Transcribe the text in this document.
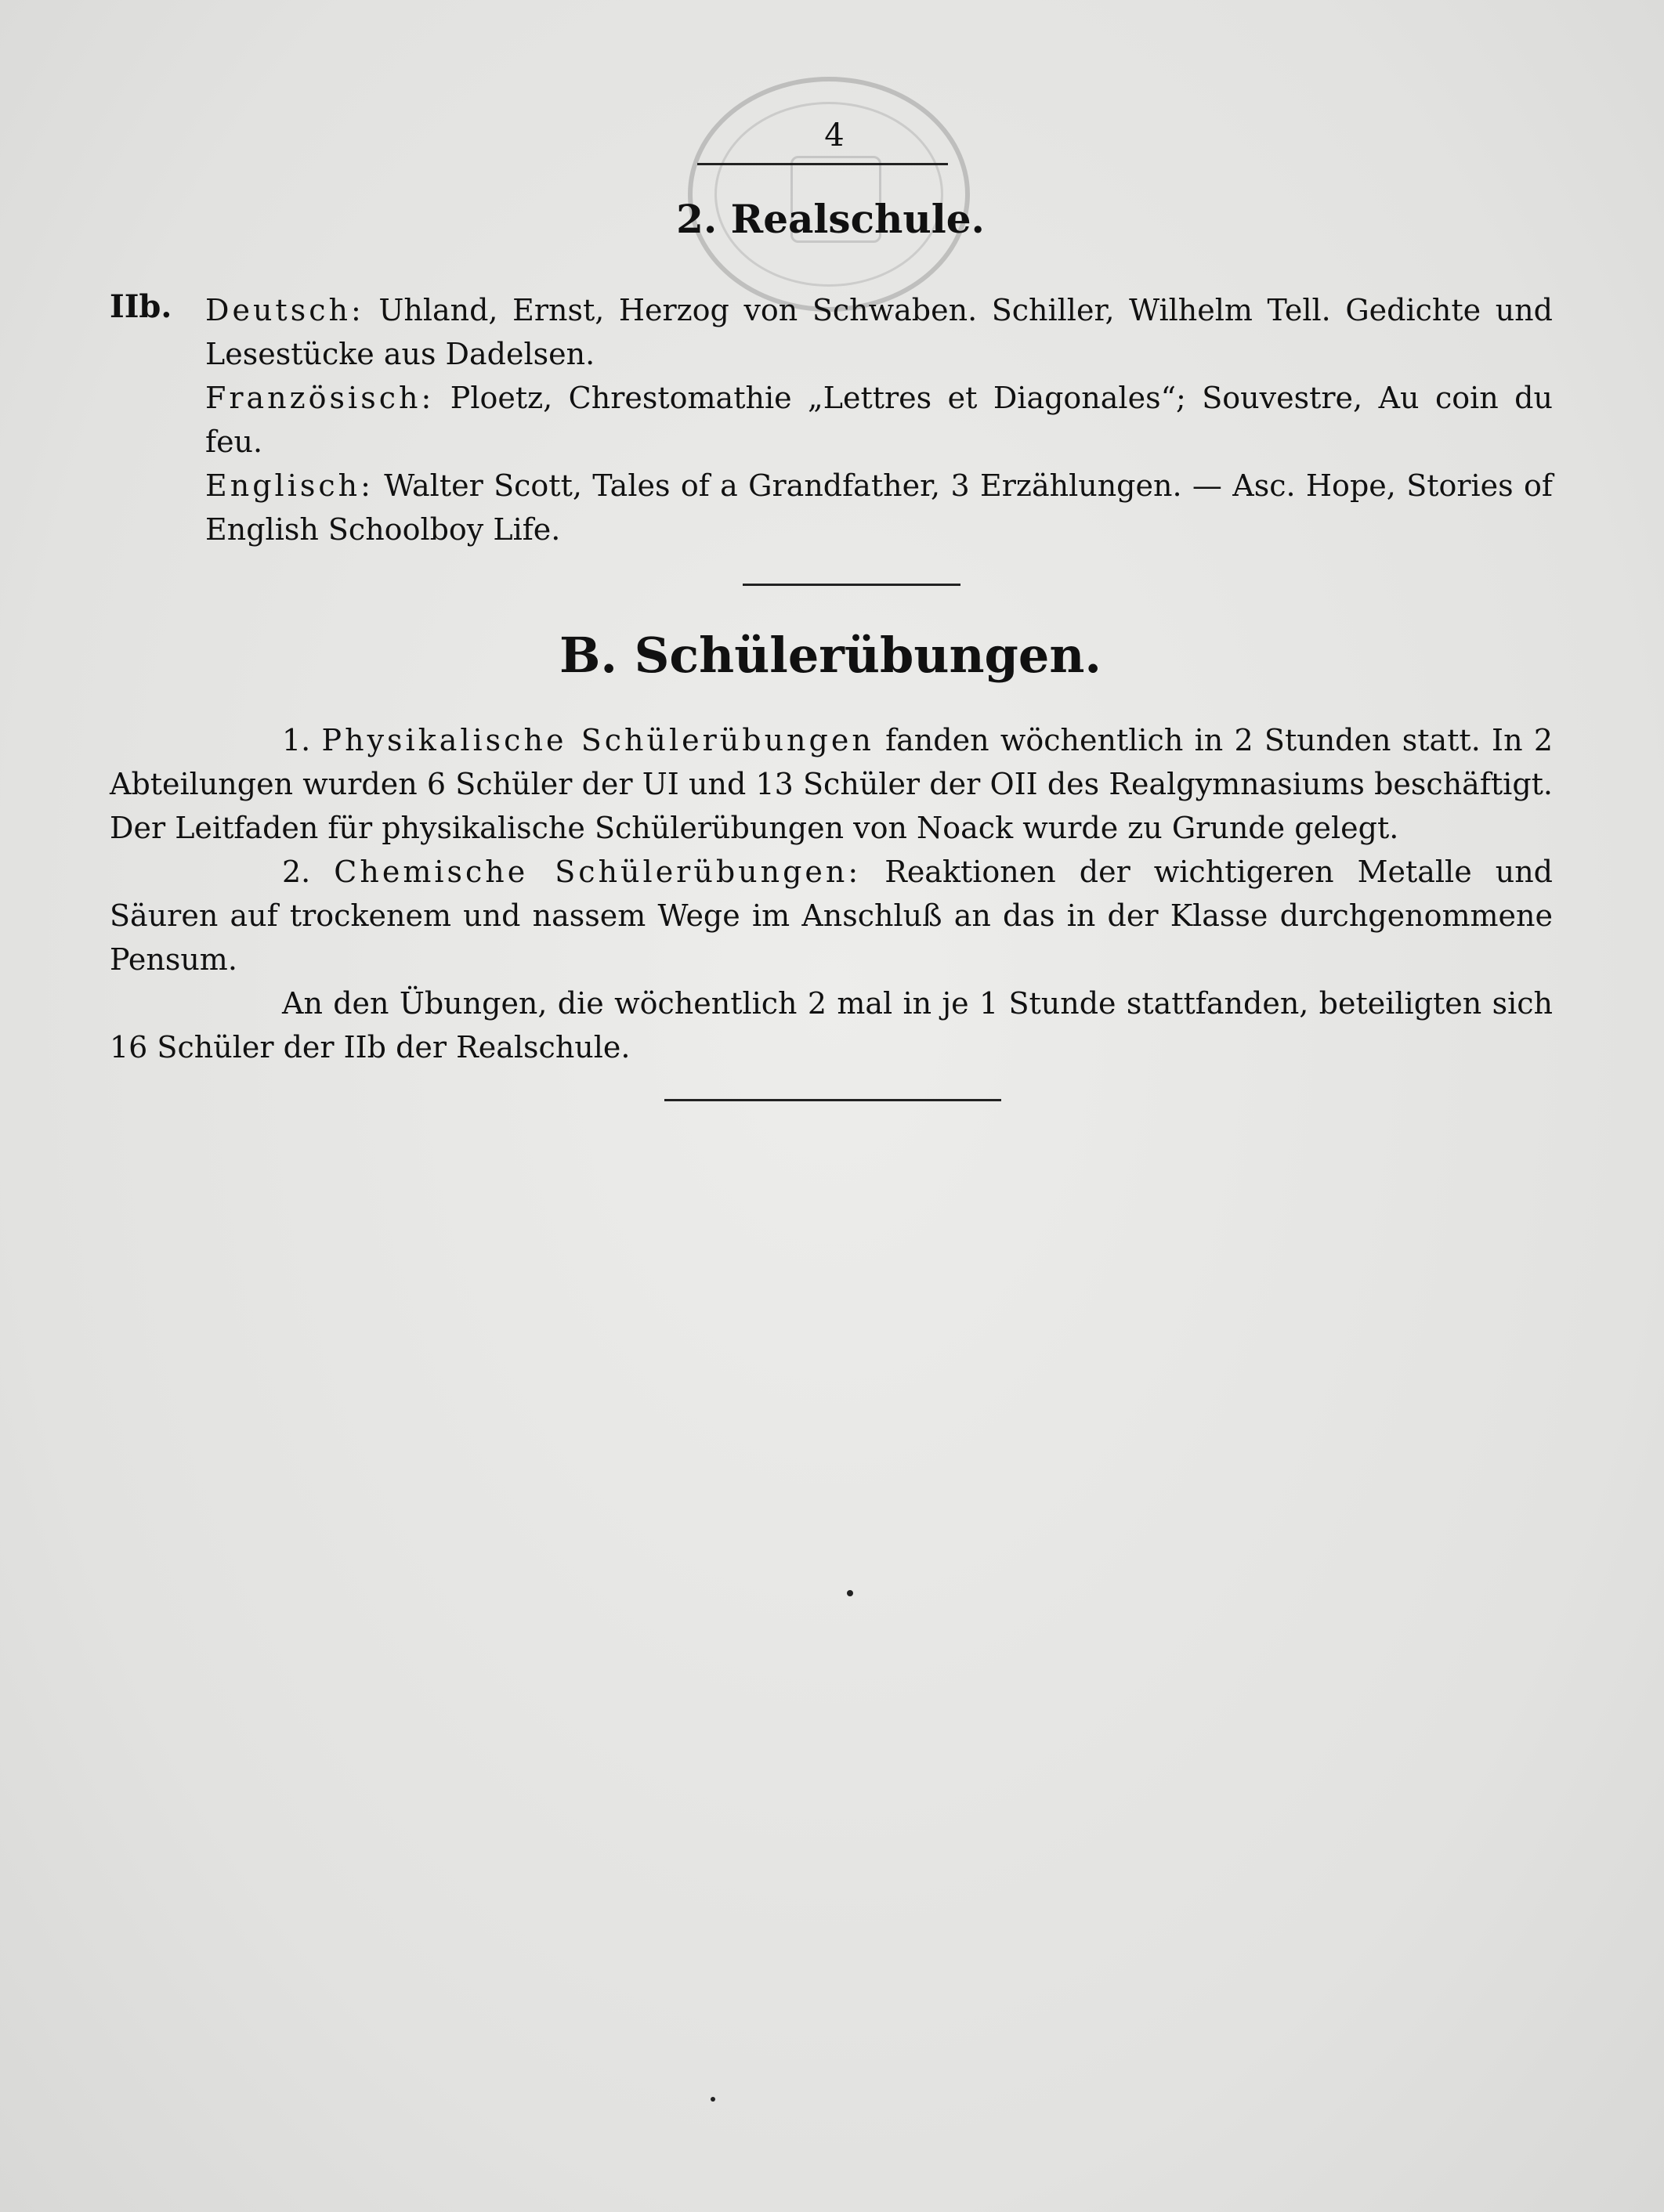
4
2. Realschule.
IIb. Deutsch: Uhland, Ernst, Herzog von Schwaben. Schiller, Wilhelm Tell. Gedichte und Lesestücke aus Dadelsen.

Französisch: Ploetz, Chrestomathie „Lettres et Diagonales“; Souvestre, Au coin du feu.

Englisch: Walter Scott, Tales of a Grandfather, 3 Erzählungen. — Asc. Hope, Stories of English Schoolboy Life.

B. Schülerübungen.

1. Physikalische Schülerübungen fanden wöchentlich in 2 Stunden statt. In 2 Abteilungen wurden 6 Schüler der UI und 13 Schüler der OII des Realgymnasiums beschäftigt. Der Leitfaden für physikalische Schülerübungen von Noack wurde zu Grunde gelegt.

2. Chemische Schülerübungen: Reaktionen der wichtigeren Metalle und Säuren auf trockenem und nassem Wege im Anschluß an das in der Klasse durchgenommene Pensum.

An den Übungen, die wöchentlich 2 mal in je 1 Stunde stattfanden, beteiligten sich 16 Schüler der IIb der Realschule.
